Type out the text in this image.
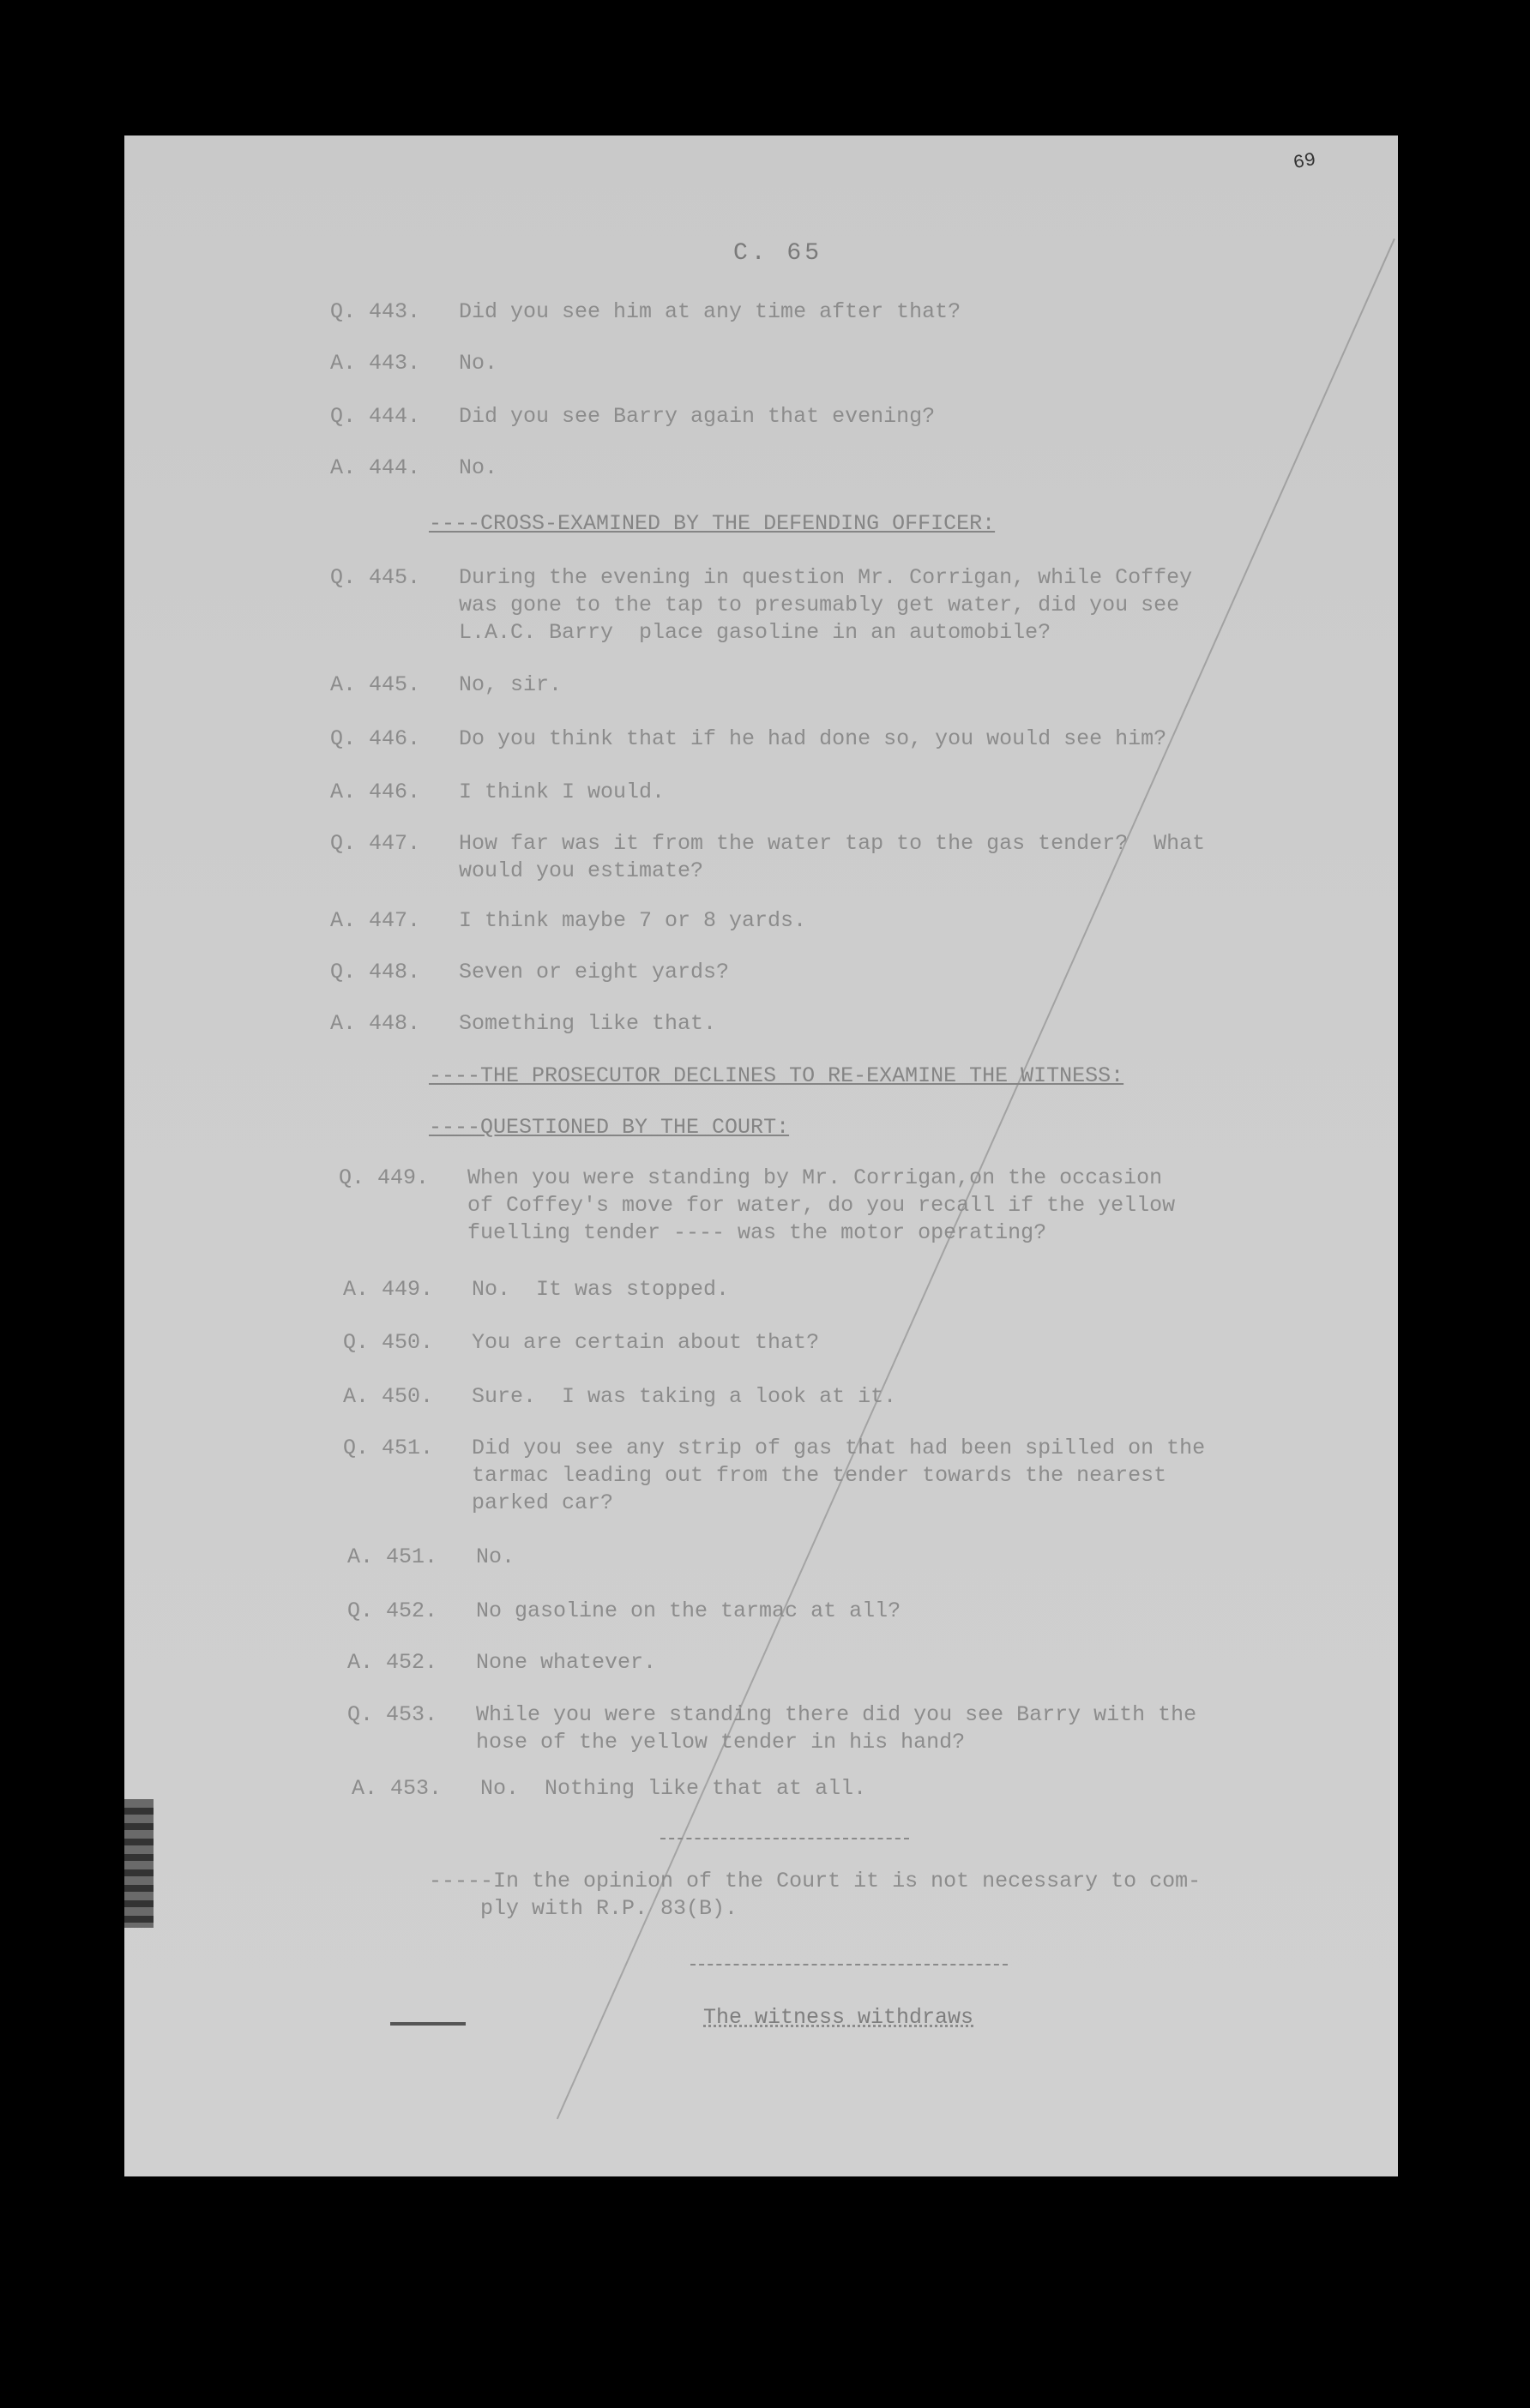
69
C. 65

Q. 443.

	Did you see him at any time after that?

A. 443.

	No.

Q. 444.

	Did you see Barry again that evening?

A. 444.

	No.

----CROSS-EXAMINED BY THE DEFENDING OFFICER:

Q. 445.

	During the evening in question Mr. Corrigan, while Coffey
was gone to the tap to presumably get water, did you see
L.A.C. Barry  place gasoline in an automobile?

A. 445.

	No, sir.

Q. 446.

	Do you think that if he had done so, you would see him?

A. 446.

	I think I would.

Q. 447.

	How far was it from the water tap to the gas tender?  What
would you estimate?

A. 447.

	I think maybe 7 or 8 yards.

Q. 448.

	Seven or eight yards?

A. 448.

	Something like that.

----THE PROSECUTOR DECLINES TO RE-EXAMINE THE WITNESS:
----QUESTIONED BY THE COURT:

Q. 449.

	When you were standing by Mr. Corrigan,on the occasion
of Coffey's move for water, do you recall if the yellow
fuelling tender ---- was the motor operating?

A. 449.

	No.  It was stopped.

Q. 450.

	You are certain about that?

A. 450.

	Sure.  I was taking a look at it.

Q. 451.

	Did you see any strip of gas that had been spilled on the
tarmac leading out from the tender towards the nearest
parked car?

A. 451.

	No.

Q. 452.

	No gasoline on the tarmac at all?

A. 452.

	None whatever.

Q. 453.

	While you were standing there did you see Barry with the
hose of the yellow tender in his hand?

A. 453.

	No.  Nothing like that at all.

-----In the opinion of the Court it is not necessary to com-
ply with R.P. 83(B).
The witness withdraws
